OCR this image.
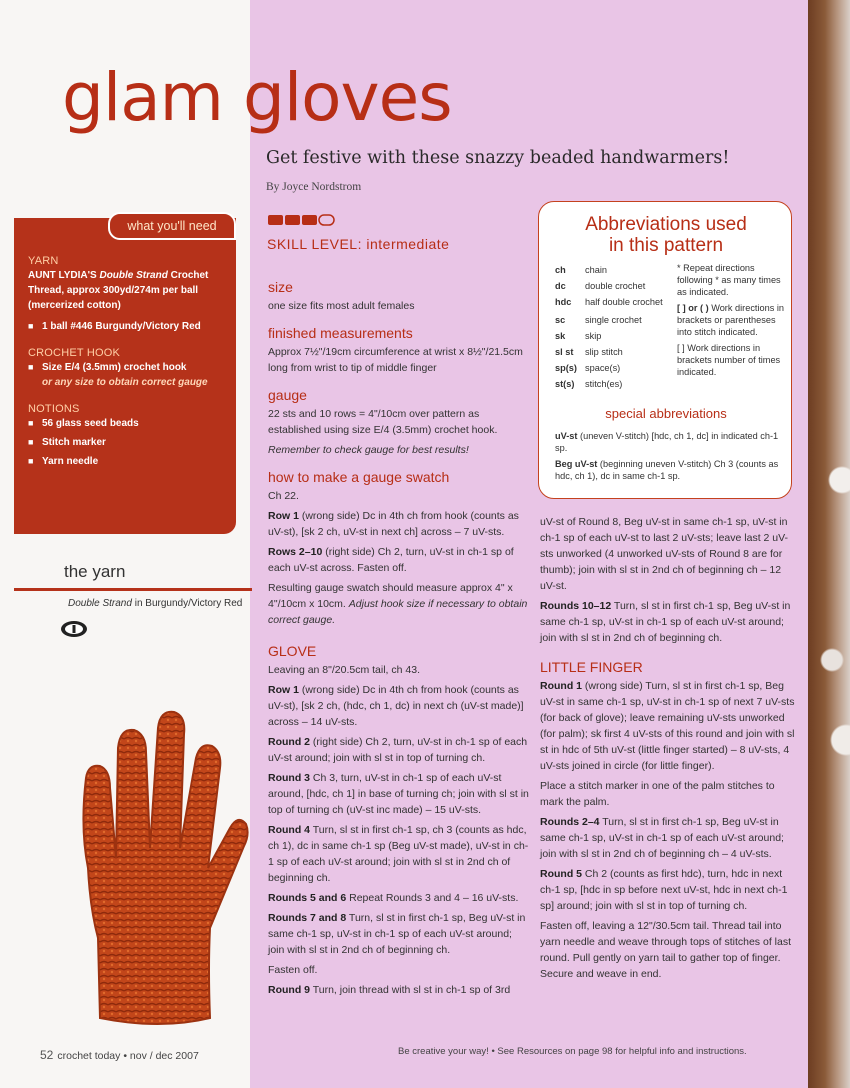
glam gloves
Get festive with these snazzy beaded handwarmers!
By Joyce Nordstrom
YARN
AUNT LYDIA'S Double Strand Crochet Thread, approx 300yd/274m per ball (mercerized cotton)
■ 1 ball #446 Burgundy/Victory Red
CROCHET HOOK
■ Size E/4 (3.5mm) crochet hook
or any size to obtain correct gauge
NOTIONS
■ 56 glass seed beads
■ Stitch marker
■ Yarn needle
what you'll need
the yarn
Double Strand in Burgundy/Victory Red
SKILL LEVEL: intermediate
size
one size fits most adult females
finished measurements
Approx 7½"/19cm circumference at wrist x 8½"/21.5cm long from wrist to tip of middle finger
gauge
22 sts and 10 rows = 4"/10cm over pattern as established using size E/4 (3.5mm) crochet hook.
Remember to check gauge for best results!
how to make a gauge swatch
Ch 22.
Row 1 (wrong side) Dc in 4th ch from hook (counts as uV-st), [sk 2 ch, uV-st in next ch] across – 7 uV-sts.
Rows 2–10 (right side) Ch 2, turn, uV-st in ch-1 sp of each uV-st across. Fasten off.
Resulting gauge swatch should measure approx 4" x 4"/10cm x 10cm. Adjust hook size if necessary to obtain correct gauge.
GLOVE
Leaving an 8"/20.5cm tail, ch 43.
Row 1 (wrong side) Dc in 4th ch from hook (counts as uV-st), [sk 2 ch, (hdc, ch 1, dc) in next ch (uV-st made)] across – 14 uV-sts.
Round 2 (right side) Ch 2, turn, uV-st in ch-1 sp of each uV-st around; join with sl st in top of turning ch.
Round 3 Ch 3, turn, uV-st in ch-1 sp of each uV-st around, [hdc, ch 1] in base of turning ch; join with sl st in top of turning ch (uV-st inc made) – 15 uV-sts.
Round 4 Turn, sl st in first ch-1 sp, ch 3 (counts as hdc, ch 1), dc in same ch-1 sp (Beg uV-st made), uV-st in ch-1 sp of each uV-st around; join with sl st in 2nd ch of beginning ch.
Rounds 5 and 6 Repeat Rounds 3 and 4 – 16 uV-sts.
Rounds 7 and 8 Turn, sl st in first ch-1 sp, Beg uV-st in same ch-1 sp, uV-st in ch-1 sp of each uV-st around; join with sl st in 2nd ch of beginning ch.
Fasten off.
Round 9 Turn, join thread with sl st in ch-1 sp of 3rd
Abbreviations used
in this pattern
ch	chain
dc	double crochet
hdc	half double crochet
sc	single crochet
sk	skip
sl st	slip stitch
sp(s) space(s)
st(s)	stitch(es)
* Repeat directions following * as many times as indicated.
[ ] or ( ) Work directions in brackets or parentheses into stitch indicated.
[ ] Work directions in brackets number of times indicated.
special abbreviations
uV-st (uneven V-stitch) [hdc, ch 1, dc] in indicated ch-1 sp.
Beg uV-st (beginning uneven V-stitch) Ch 3 (counts as hdc, ch 1), dc in same ch-1 sp.
uV-st of Round 8, Beg uV-st in same ch-1 sp, uV-st in ch-1 sp of each uV-st to last 2 uV-sts; leave last 2 uV-sts unworked (4 unworked uV-sts of Round 8 are for thumb); join with sl st in 2nd ch of beginning ch – 12 uV-st.
Rounds 10–12 Turn, sl st in first ch-1 sp, Beg uV-st in same ch-1 sp, uV-st in ch-1 sp of each uV-st around; join with sl st in 2nd ch of beginning ch.
LITTLE FINGER
Round 1 (wrong side) Turn, sl st in first ch-1 sp, Beg uV-st in same ch-1 sp, uV-st in ch-1 sp of next 7 uV-sts (for back of glove); leave remaining uV-sts unworked (for palm); sk first 4 uV-sts of this round and join with sl st in hdc of 5th uV-st (little finger started) – 8 uV-sts, 4 uV-sts joined in circle (for little finger).
Place a stitch marker in one of the palm stitches to mark the palm.
Rounds 2–4 Turn, sl st in first ch-1 sp, Beg uV-st in same ch-1 sp, uV-st in ch-1 sp of each uV-st around; join with sl st in 2nd ch of beginning ch – 4 uV-sts.
Round 5 Ch 2 (counts as first hdc), turn, hdc in next ch-1 sp, [hdc in sp before next uV-st, hdc in next ch-1 sp] around; join with sl st in top of turning ch.
Fasten off, leaving a 12"/30.5cm tail. Thread tail into yarn needle and weave through tops of stitches of last round. Pull gently on yarn tail to gather top of finger. Secure and weave in end.
52 crochet today • nov / dec 2007	Be creative your way! • See Resources on page 98 for helpful info and instructions.
